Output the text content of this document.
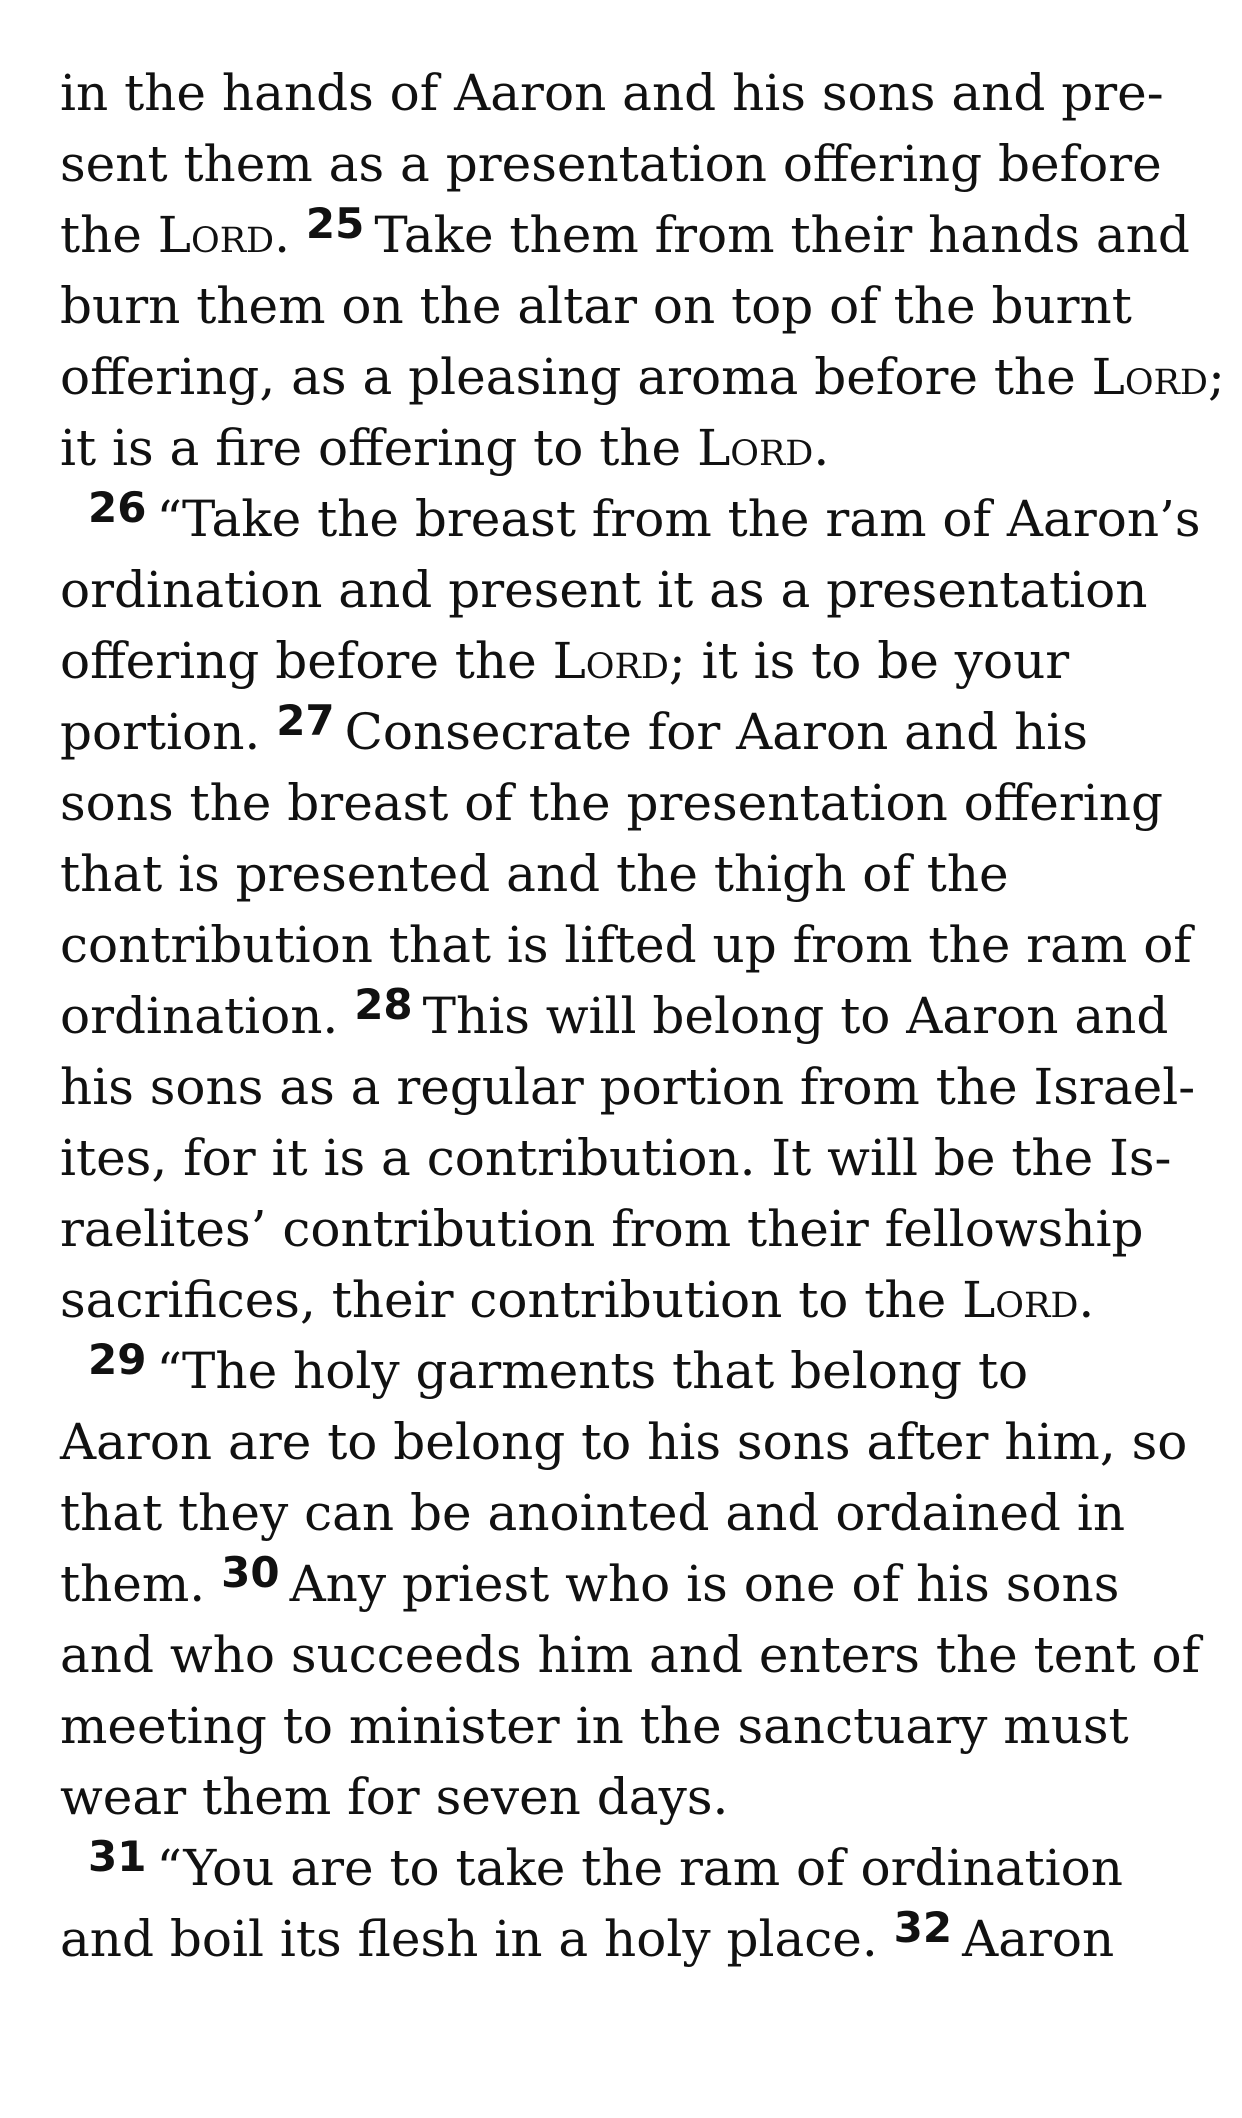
in the hands of Aaron and his sons and pre-
sent them as a presentation offering before
the Lord. $^{25}$ Take them from their hands and
burn them on the altar on top of the burnt
offering, as a pleasing aroma before the Lord;
it is a fire offering to the Lord.
$^{26}$ “Take the breast from the ram of Aaron’s
ordination and present it as a presentation
offering before the Lord; it is to be your
portion. $^{27}$ Consecrate for Aaron and his
sons the breast of the presentation offering
that is presented and the thigh of the
contribution that is lifted up from the ram of
ordination. $^{28}$ This will belong to Aaron and
his sons as a regular portion from the Israel-
ites, for it is a contribution. It will be the Is-
raelites’ contribution from their fellowship
sacrifices, their contribution to the Lord.
$^{29}$ “The holy garments that belong to
Aaron are to belong to his sons after him, so
that they can be anointed and ordained in
them. $^{30}$ Any priest who is one of his sons
and who succeeds him and enters the tent of
meeting to minister in the sanctuary must
wear them for seven days.
$^{31}$ “You are to take the ram of ordination
and boil its flesh in a holy place. $^{32}$ Aaron
